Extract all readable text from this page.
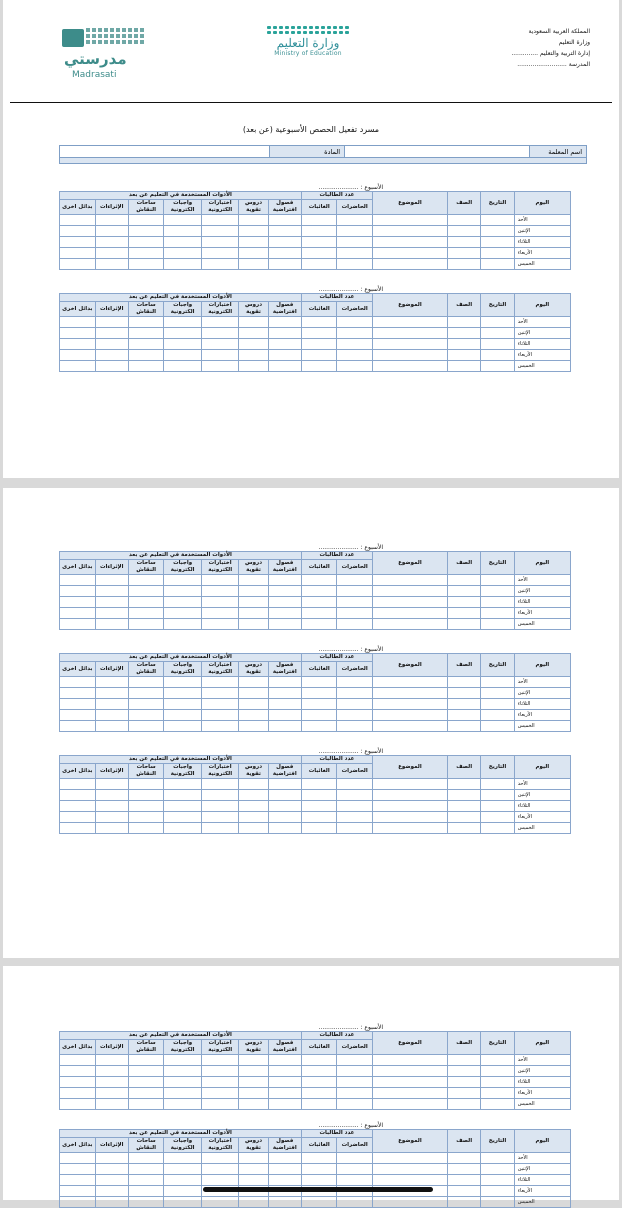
المملكة العربية السعودية
وزارة التعليم
إدارة التربية والتعليم ..............
المدرسة ..........................
وزارة التعليم
Ministry of Education
مدرستي
Madrasati
مسرد تفعيل الحصص الأسبوعية (عن بعد)
اسم المعلمة
المادة
الأسبوع : .....................
اليوم	التاريخ	الصف	الموضوع	عدد الطالبات		الأدوات المستخدمة في التعليم عن بعد						
				الحاضرات	الغائبات	فصول افتراضية	دروس تقوية	اختبارات الكترونية	واجبات الكترونية	ساحات النقاش	الإثراءات	بدائل اخرى
الأحد												
الإثنين												
الثلاثاء												
الأربعاء												
الخميس												
الأسبوع : .....................
اليوم	التاريخ	الصف	الموضوع	عدد الطالبات		الأدوات المستخدمة في التعليم عن بعد						
				الحاضرات	الغائبات	فصول افتراضية	دروس تقوية	اختبارات الكترونية	واجبات الكترونية	ساحات النقاش	الإثراءات	بدائل اخرى
الأحد												
الإثنين												
الثلاثاء												
الأربعاء												
الخميس												
الأسبوع : .....................
اليوم	التاريخ	الصف	الموضوع	عدد الطالبات		الأدوات المستخدمة في التعليم عن بعد						
				الحاضرات	الغائبات	فصول افتراضية	دروس تقوية	اختبارات الكترونية	واجبات الكترونية	ساحات النقاش	الإثراءات	بدائل اخرى
الأحد												
الإثنين												
الثلاثاء												
الأربعاء												
الخميس												
الأسبوع : .....................
اليوم	التاريخ	الصف	الموضوع	عدد الطالبات		الأدوات المستخدمة في التعليم عن بعد						
				الحاضرات	الغائبات	فصول افتراضية	دروس تقوية	اختبارات الكترونية	واجبات الكترونية	ساحات النقاش	الإثراءات	بدائل اخرى
الأحد												
الإثنين												
الثلاثاء												
الأربعاء												
الخميس												
الأسبوع : .....................
اليوم	التاريخ	الصف	الموضوع	عدد الطالبات		الأدوات المستخدمة في التعليم عن بعد						
				الحاضرات	الغائبات	فصول افتراضية	دروس تقوية	اختبارات الكترونية	واجبات الكترونية	ساحات النقاش	الإثراءات	بدائل اخرى
الأحد												
الإثنين												
الثلاثاء												
الأربعاء												
الخميس												
الأسبوع : .....................
اليوم	التاريخ	الصف	الموضوع	عدد الطالبات		الأدوات المستخدمة في التعليم عن بعد						
				الحاضرات	الغائبات	فصول افتراضية	دروس تقوية	اختبارات الكترونية	واجبات الكترونية	ساحات النقاش	الإثراءات	بدائل اخرى
الأحد												
الإثنين												
الثلاثاء												
الأربعاء												
الخميس												
الأسبوع : .....................
اليوم	التاريخ	الصف	الموضوع	عدد الطالبات		الأدوات المستخدمة في التعليم عن بعد						
				الحاضرات	الغائبات	فصول افتراضية	دروس تقوية	اختبارات الكترونية	واجبات الكترونية	ساحات النقاش	الإثراءات	بدائل اخرى
الأحد												
الإثنين												
الثلاثاء												
الأربعاء												
الخميس												
